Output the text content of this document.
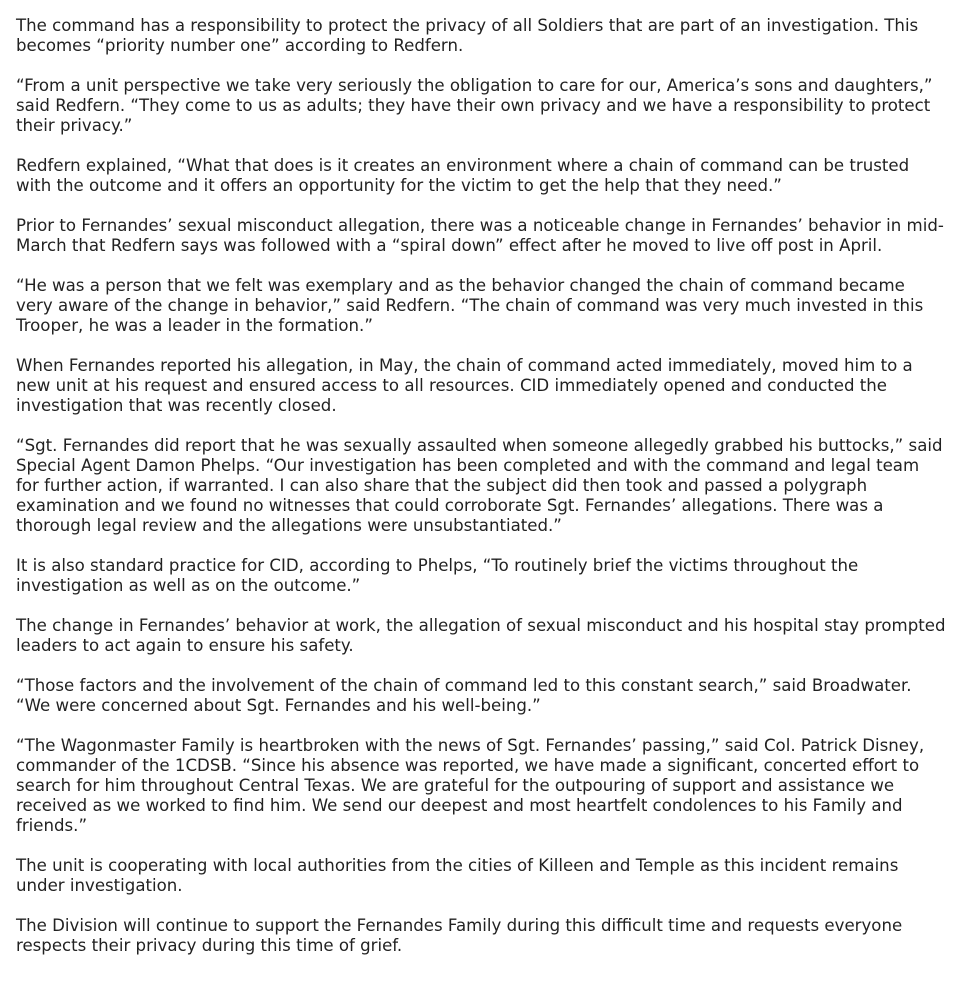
The command has a responsibility to protect the privacy of all Soldiers that are part of an investigation. This becomes “priority number one” according to Redfern.

“From a unit perspective we take very seriously the obligation to care for our, America’s sons and daughters,” said Redfern. “They come to us as adults; they have their own privacy and we have a responsibility to protect their privacy.”

Redfern explained, “What that does is it creates an environment where a chain of command can be trusted with the outcome and it offers an opportunity for the victim to get the help that they need.”

Prior to Fernandes’ sexual misconduct allegation, there was a noticeable change in Fernandes’ behavior in mid-March that Redfern says was followed with a “spiral down” effect after he moved to live off post in April.

“He was a person that we felt was exemplary and as the behavior changed the chain of command became very aware of the change in behavior,” said Redfern. “The chain of command was very much invested in this Trooper, he was a leader in the formation.”

When Fernandes reported his allegation, in May, the chain of command acted immediately, moved him to a new unit at his request and ensured access to all resources. CID immediately opened and conducted the investigation that was recently closed.

“Sgt. Fernandes did report that he was sexually assaulted when someone allegedly grabbed his buttocks,” said Special Agent Damon Phelps. “Our investigation has been completed and with the command and legal team for further action, if warranted. I can also share that the subject did then took and passed a polygraph examination and we found no witnesses that could corroborate Sgt. Fernandes’ allegations. There was a thorough legal review and the allegations were unsubstantiated.”

It is also standard practice for CID, according to Phelps, “To routinely brief the victims throughout the investigation as well as on the outcome.”

The change in Fernandes’ behavior at work, the allegation of sexual misconduct and his hospital stay prompted leaders to act again to ensure his safety.

“Those factors and the involvement of the chain of command led to this constant search,” said Broadwater. “We were concerned about Sgt. Fernandes and his well-being.”

“The Wagonmaster Family is heartbroken with the news of Sgt. Fernandes’ passing,” said Col. Patrick Disney, commander of the 1CDSB. “Since his absence was reported, we have made a significant, concerted effort to search for him throughout Central Texas. We are grateful for the outpouring of support and assistance we received as we worked to find him. We send our deepest and most heartfelt condolences to his Family and friends.”

The unit is cooperating with local authorities from the cities of Killeen and Temple as this incident remains under investigation.

The Division will continue to support the Fernandes Family during this difficult time and requests everyone respects their privacy during this time of grief.
